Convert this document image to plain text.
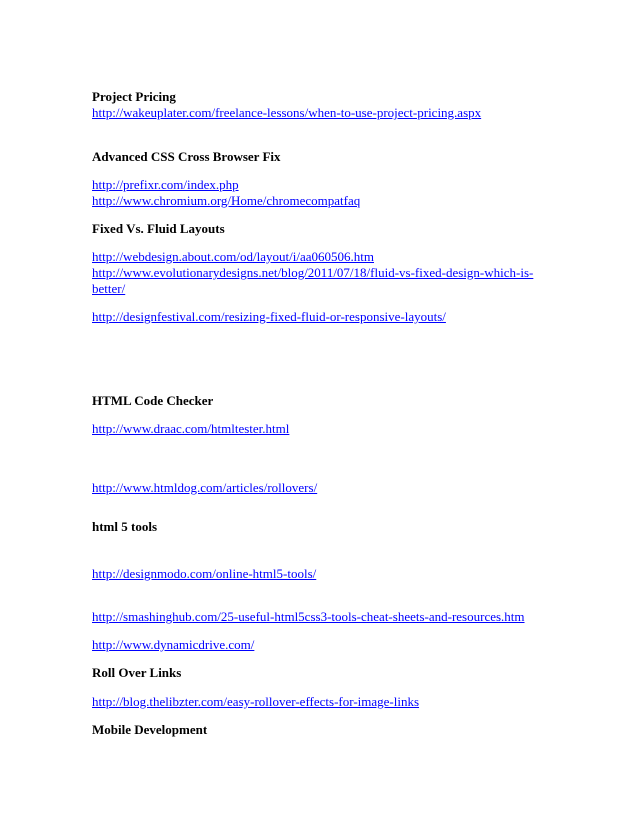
Project Pricing
http://wakeuplater.com/freelance-lessons/when-to-use-project-pricing.aspx
Advanced CSS Cross Browser Fix
http://prefixr.com/index.php
http://www.chromium.org/Home/chromecompatfaq
Fixed Vs. Fluid Layouts
http://webdesign.about.com/od/layout/i/aa060506.htm
http://www.evolutionarydesigns.net/blog/2011/07/18/fluid-vs-fixed-design-which-is-
better/
http://designfestival.com/resizing-fixed-fluid-or-responsive-layouts/
HTML Code Checker
http://www.draac.com/htmltester.html
http://www.htmldog.com/articles/rollovers/
html 5 tools
http://designmodo.com/online-html5-tools/
http://smashinghub.com/25-useful-html5css3-tools-cheat-sheets-and-resources.htm
http://www.dynamicdrive.com/
Roll Over Links
http://blog.thelibzter.com/easy-rollover-effects-for-image-links
Mobile Development
